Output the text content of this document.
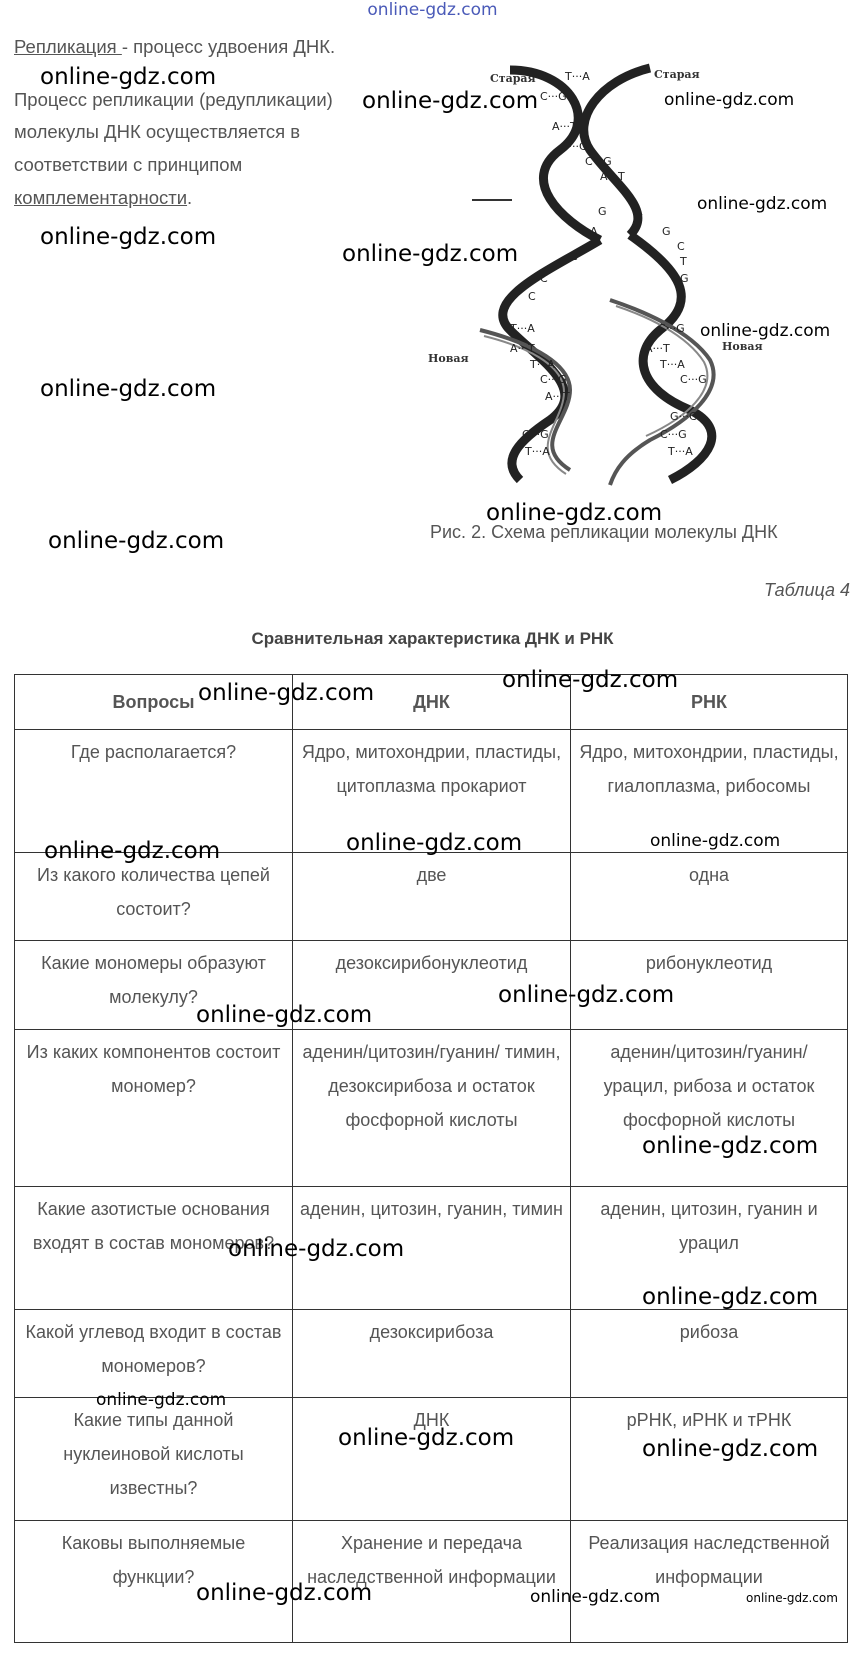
online-gdz.com
Репликация - процесс удвоения ДНК.
Процесс репликации (редупликации)
молекулы ДНК осуществляется в
соответствии с принципом
комплементарности.
Старая	Старая
Новая
Новая
T···A
C···G
A···T
G···C
C···G
A···T
A
C
C
C
G	A
G
C
T
G
T···A
A···T
T···A
C···G
A···T
C···G
T···A
C···G
A···T
T···A
C···G
G···C
C···G
T···A
Рис. 2. Схема репликации молекулы ДНК
Таблица 4
Сравнительная характеристика ДНК и РНК
Вопросы	ДНК	РНК
Где располагается?	Ядро, митохондрии, пластиды, цитоплазма прокариот	Ядро, митохондрии, пластиды, гиалоплазма, рибосомы
Из какого количества цепей состоит?	две	одна
Какие мономеры образуют молекулу?	дезоксирибонуклеотид	рибонуклеотид
Из каких компонентов состоит мономер?	аденин/цитозин/гуанин/ тимин, дезоксирибоза и остаток фосфорной кислоты	аденин/цитозин/гуанин/ урацил, рибоза и остаток фосфорной кислоты
Какие азотистые основания входят в состав мономеров?	аденин, цитозин, гуанин, тимин	аденин, цитозин, гуанин и урацил
Какой углевод входит в состав мономеров?	дезоксирибоза	рибоза
Какие типы данной нуклеиновой кислоты известны?	ДНК	рРНК, иРНК и тРНК
Каковы выполняемые функции?	Хранение и передача наследственной информации	Реализация наследственной информации
online-gdz.com
online-gdz.com	online-gdz.com
online-gdz.com
online-gdz.com
online-gdz.com
online-gdz.com
online-gdz.com
online-gdz.com
online-gdz.com
online-gdz.com
online-gdz.com
online-gdz.com
online-gdz.com	online-gdz.com
online-gdz.com
online-gdz.com
online-gdz.com
online-gdz.com
online-gdz.com
online-gdz.com
online-gdz.com	online-gdz.com
online-gdz.com	online-gdz.com	online-gdz.com
